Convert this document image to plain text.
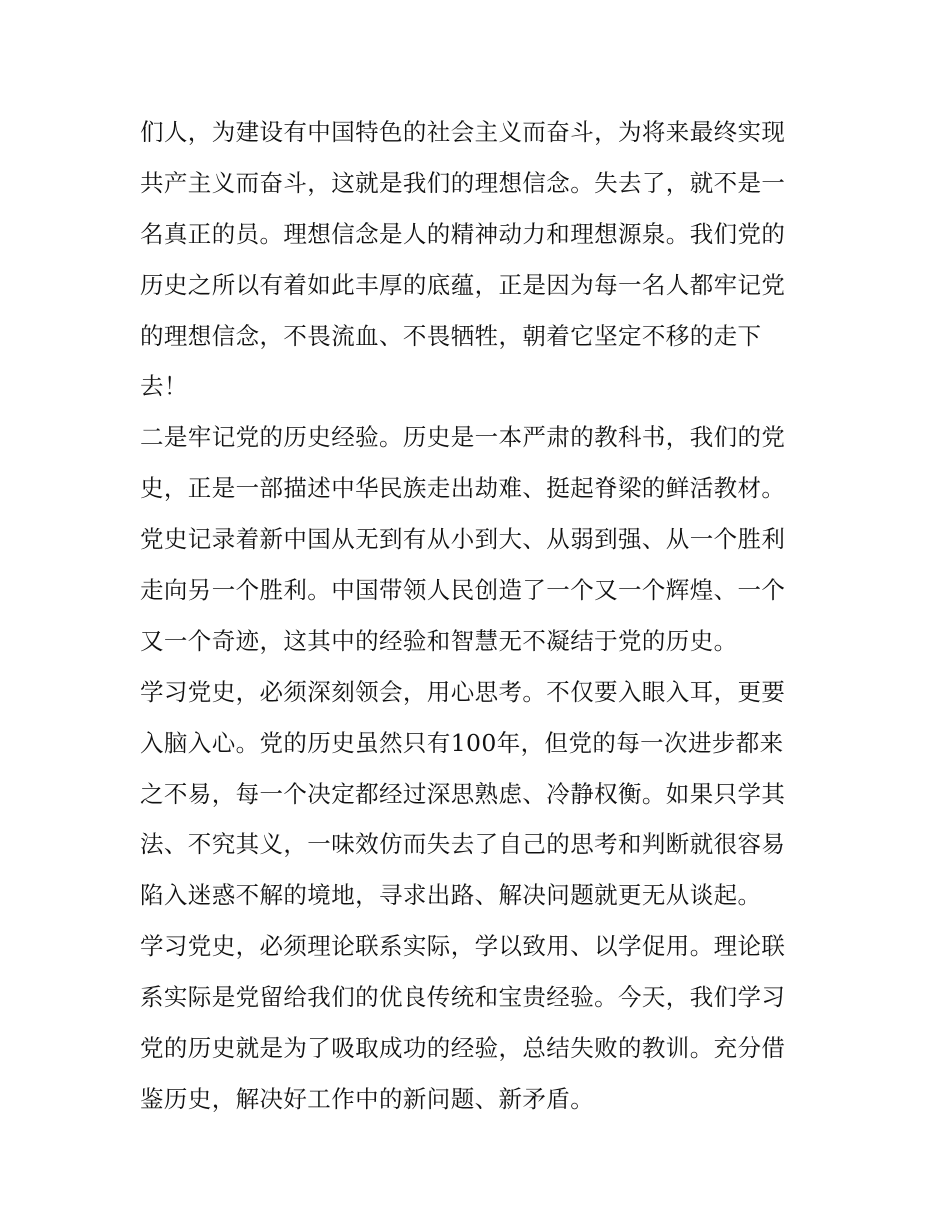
们人，为建设有中国特色的社会主义而奋斗，为将来最终实现
共产主义而奋斗，这就是我们的理想信念。失去了，就不是一
名真正的员。理想信念是人的精神动力和理想源泉。我们党的
历史之所以有着如此丰厚的底蕴，正是因为每一名人都牢记党
的理想信念，不畏流血、不畏牺牲，朝着它坚定不移的走下
去！
二是牢记党的历史经验。历史是一本严肃的教科书，我们的党
史，正是一部描述中华民族走出劫难、挺起脊梁的鲜活教材。
党史记录着新中国从无到有从小到大、从弱到强、从一个胜利
走向另一个胜利。中国带领人民创造了一个又一个辉煌、一个
又一个奇迹，这其中的经验和智慧无不凝结于党的历史。
学习党史，必须深刻领会，用心思考。不仅要入眼入耳，更要
入脑入心。党的历史虽然只有100年，但党的每一次进步都来
之不易，每一个决定都经过深思熟虑、冷静权衡。如果只学其
法、不究其义，一味效仿而失去了自己的思考和判断就很容易
陷入迷惑不解的境地，寻求出路、解决问题就更无从谈起。
学习党史，必须理论联系实际，学以致用、以学促用。理论联
系实际是党留给我们的优良传统和宝贵经验。今天，我们学习
党的历史就是为了吸取成功的经验，总结失败的教训。充分借
鉴历史，解决好工作中的新问题、新矛盾。
